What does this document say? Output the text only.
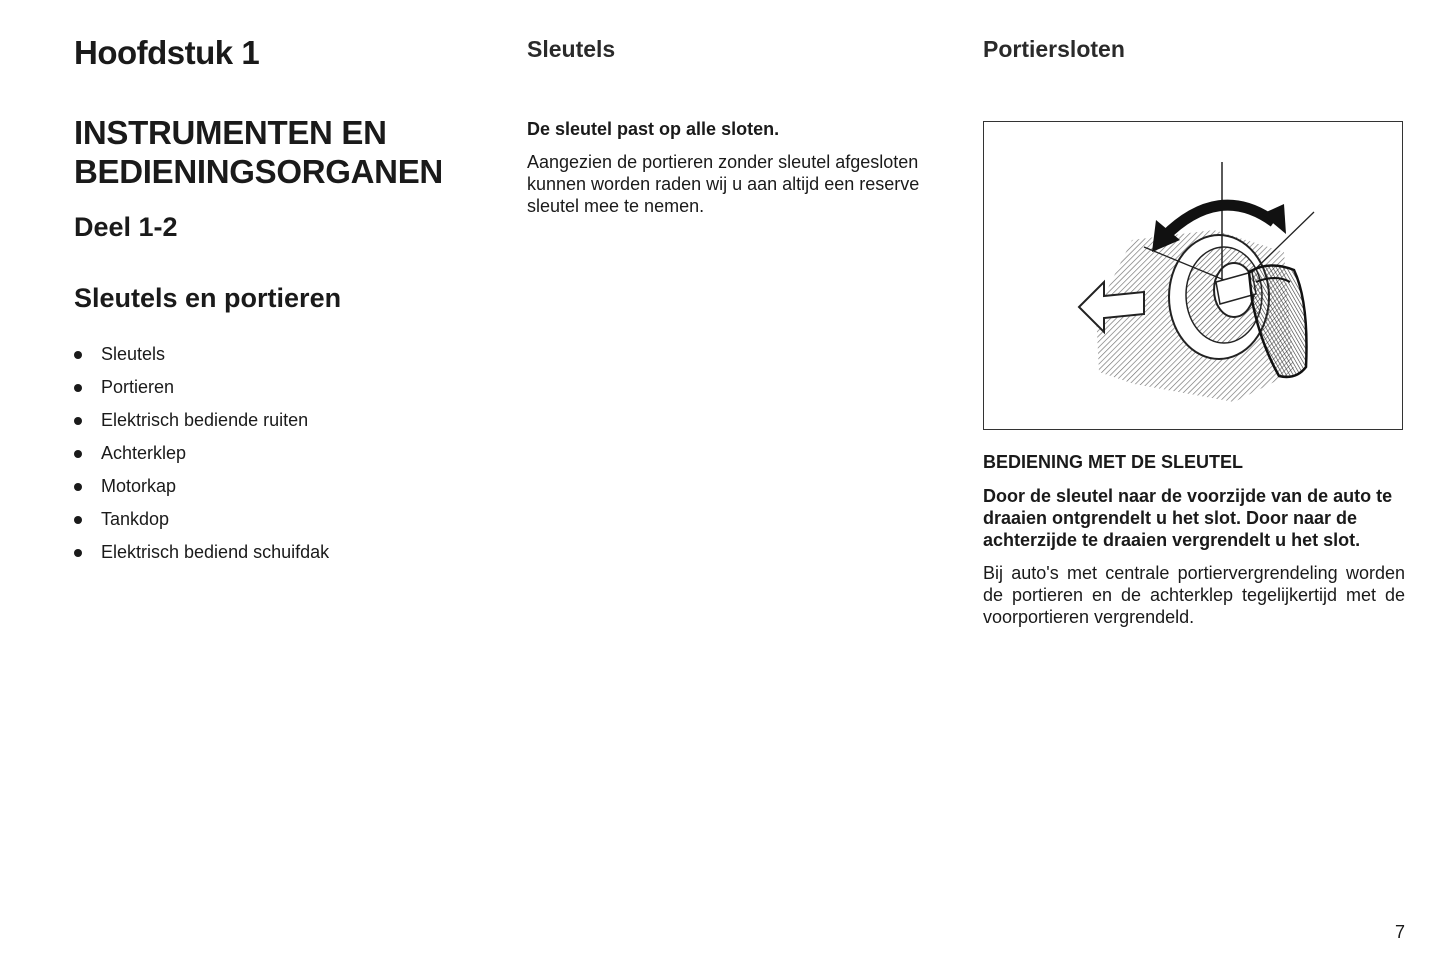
Hoofdstuk 1
INSTRUMENTEN EN BEDIENINGSORGANEN
Deel 1-2
Sleutels en portieren
Sleutels
Portieren
Elektrisch bediende ruiten
Achterklep
Motorkap
Tankdop
Elektrisch bediend schuifdak
Sleutels

De sleutel past op alle sloten.

Aangezien de portieren zonder sleutel afgesloten kunnen worden raden wij u aan altijd een reserve sleutel mee te nemen.

Portiersloten
BEDIENING MET DE SLEUTEL

Door de sleutel naar de voorzijde van de auto te draaien ontgrendelt u het slot. Door naar de achterzijde te draaien vergrendelt u het slot.

Bij auto's met centrale portiervergrendeling worden de portieren en de achterklep tegelijkertijd met de voorportieren vergrendeld.

7
